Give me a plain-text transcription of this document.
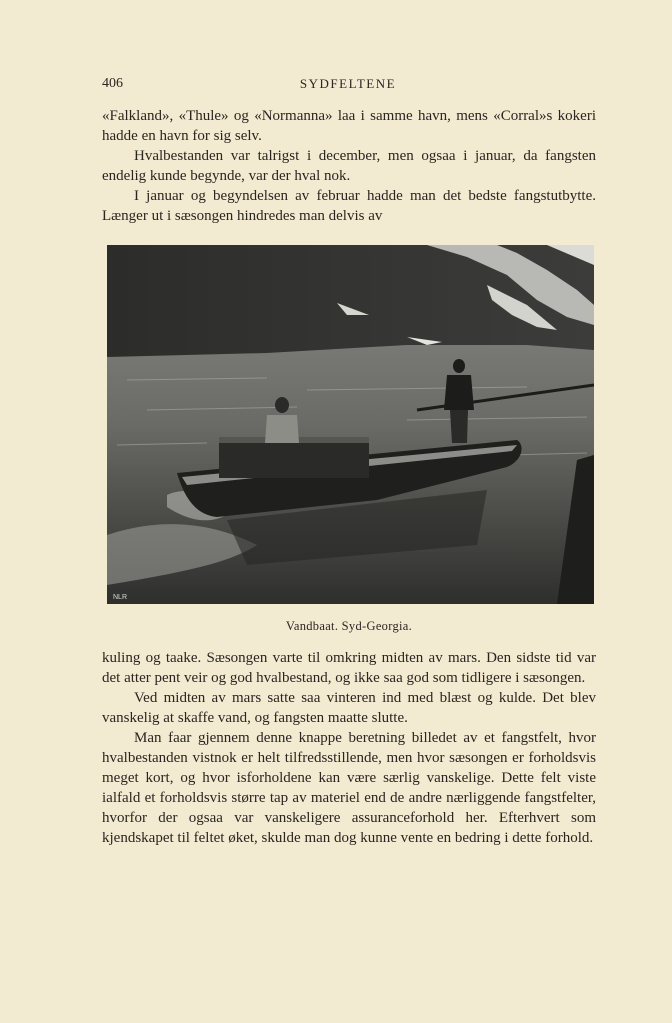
406	SYDFELTENE

«Falkland», «Thule» og «Normanna» laa i samme havn, mens «Corral»s kokeri hadde en havn for sig selv.

Hvalbestanden var talrigst i december, men ogsaa i januar, da fangsten endelig kunde begynde, var der hval nok.

I januar og begyndelsen av februar hadde man det bedste fangstutbytte. Længer ut i sæsongen hindredes man delvis av

NLR
Vandbaat. Syd-Georgia.

kuling og taake. Sæsongen varte til omkring midten av mars. Den sidste tid var det atter pent veir og god hvalbestand, og ikke saa god som tidligere i sæsongen.

Ved midten av mars satte saa vinteren ind med blæst og kulde. Det blev vanskelig at skaffe vand, og fangsten maatte slutte.

Man faar gjennem denne knappe beretning billedet av et fangstfelt, hvor hvalbestanden vistnok er helt tilfredsstillende, men hvor sæsongen er forholdsvis meget kort, og hvor isforholdene kan være særlig vanskelige. Dette felt viste ialfald et forholdsvis større tap av materiel end de andre nærliggende fangstfelter, hvorfor der ogsaa var vanskeligere assuranceforhold her. Efterhvert som kjendskapet til feltet øket, skulde man dog kunne vente en bedring i dette forhold.
